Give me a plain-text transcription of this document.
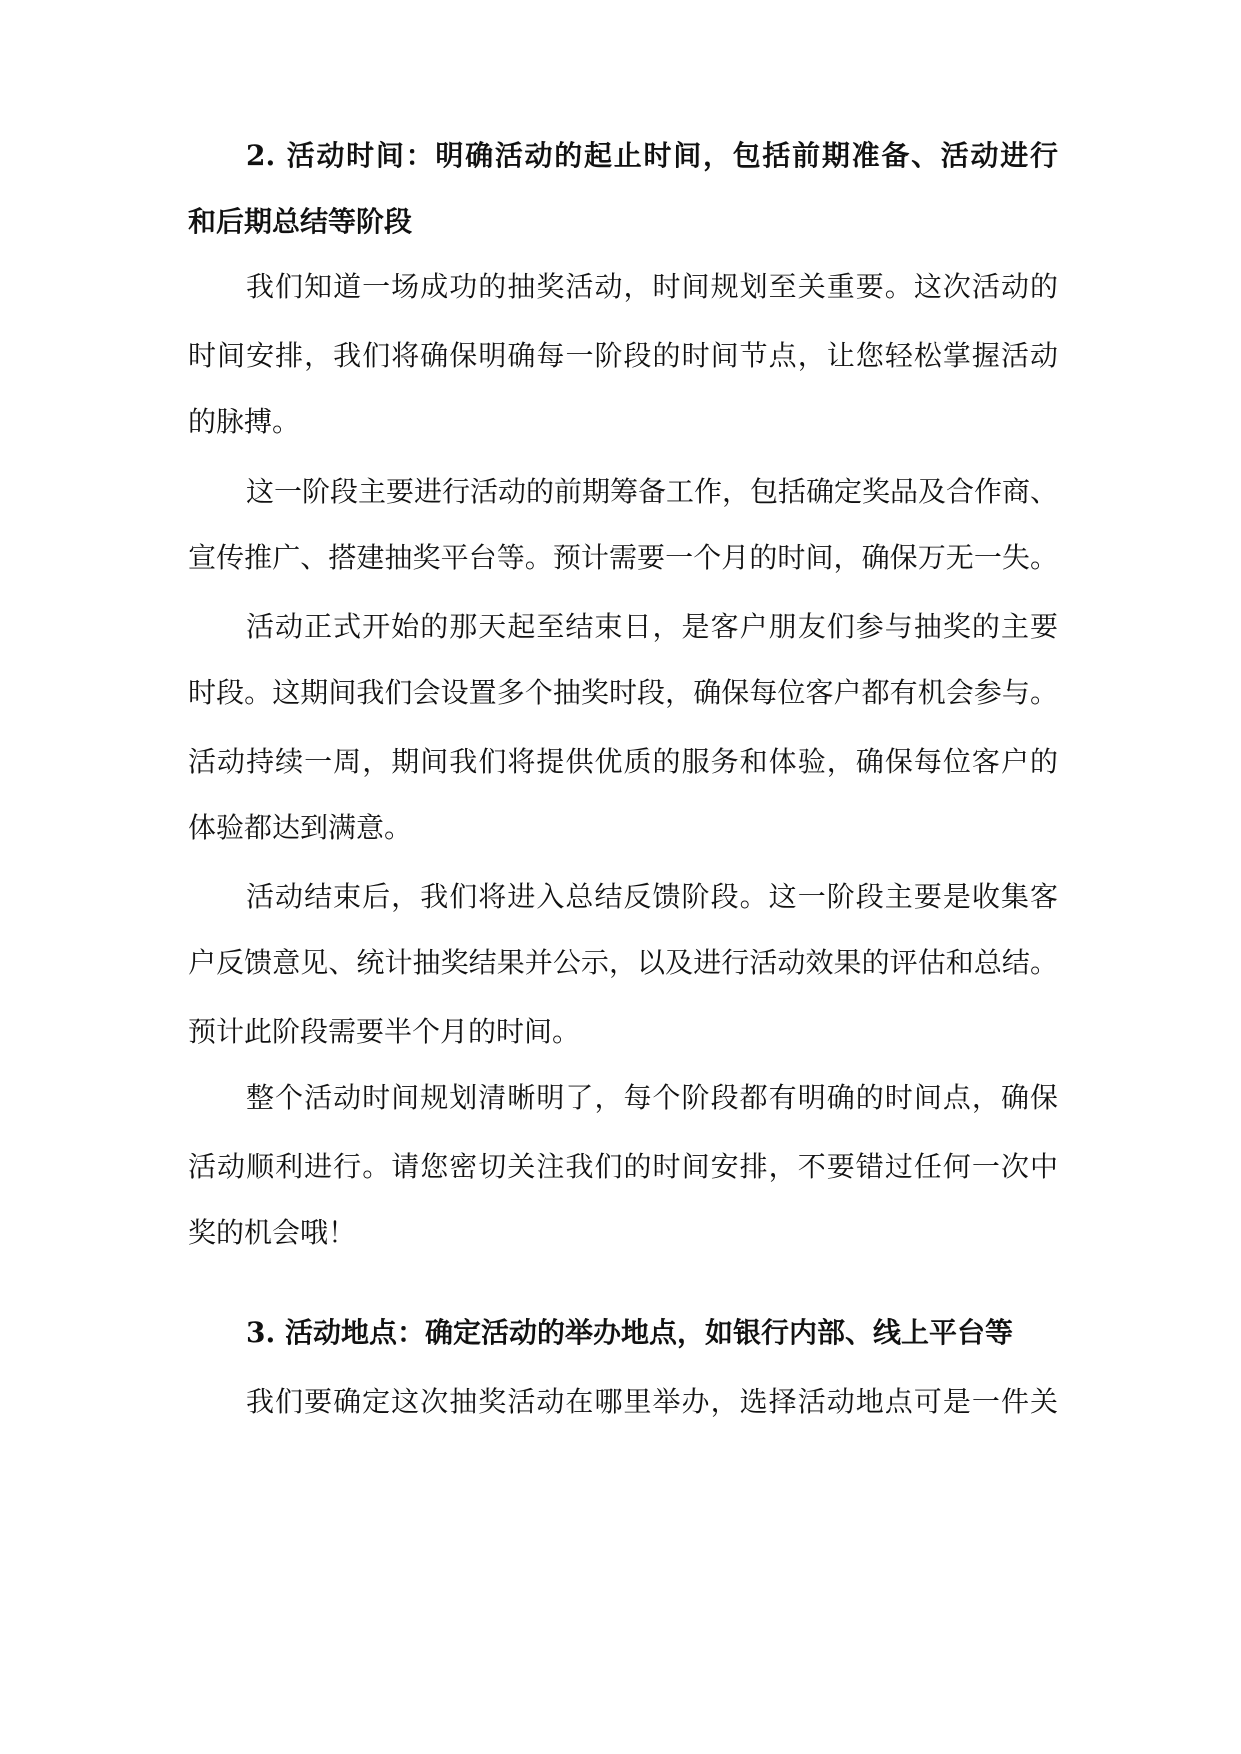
2. 活动时间：明确活动的起止时间，包括前期准备、活动进行
和后期总结等阶段
我们知道一场成功的抽奖活动，时间规划至关重要。这次活动的
时间安排，我们将确保明确每一阶段的时间节点，让您轻松掌握活动
的脉搏。
这一阶段主要进行活动的前期筹备工作，包括确定奖品及合作商、
宣传推广、搭建抽奖平台等。预计需要一个月的时间，确保万无一失。
活动正式开始的那天起至结束日，是客户朋友们参与抽奖的主要
时段。这期间我们会设置多个抽奖时段，确保每位客户都有机会参与。
活动持续一周，期间我们将提供优质的服务和体验，确保每位客户的
体验都达到满意。
活动结束后，我们将进入总结反馈阶段。这一阶段主要是收集客
户反馈意见、统计抽奖结果并公示，以及进行活动效果的评估和总结。
预计此阶段需要半个月的时间。
整个活动时间规划清晰明了，每个阶段都有明确的时间点，确保
活动顺利进行。请您密切关注我们的时间安排，不要错过任何一次中
奖的机会哦！
3. 活动地点：确定活动的举办地点，如银行内部、线上平台等
我们要确定这次抽奖活动在哪里举办，选择活动地点可是一件关
